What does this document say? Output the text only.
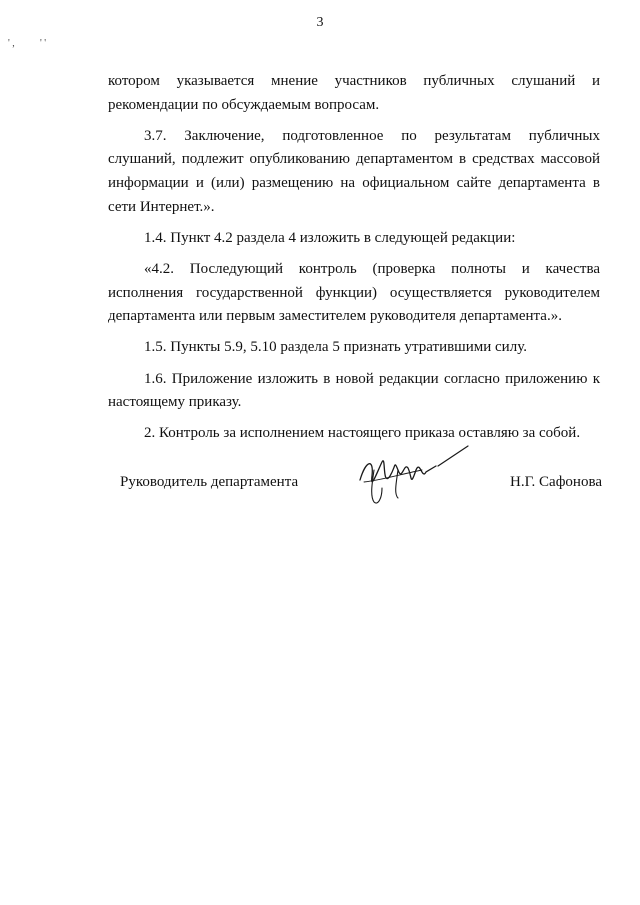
3
' ,	' '

котором указывается мнение участников публичных слушаний и рекомендации по обсуждаемым вопросам.

3.7. Заключение, подготовленное по результатам публичных слушаний, подлежит опубликованию департаментом в средствах массовой информации и (или) размещению на официальном сайте департамента в сети Интернет.».

1.4. Пункт 4.2 раздела 4 изложить в следующей редакции:

«4.2. Последующий контроль (проверка полноты и качества исполнения государственной функции) осуществляется руководителем департамента или первым заместителем руководителя департамента.».

1.5. Пункты 5.9, 5.10 раздела 5 признать утратившими силу.

1.6. Приложение изложить в новой редакции согласно приложению к настоящему приказу.

2. Контроль за исполнением настоящего приказа оставляю за собой.

Руководитель департамента	Н.Г. Сафонова
